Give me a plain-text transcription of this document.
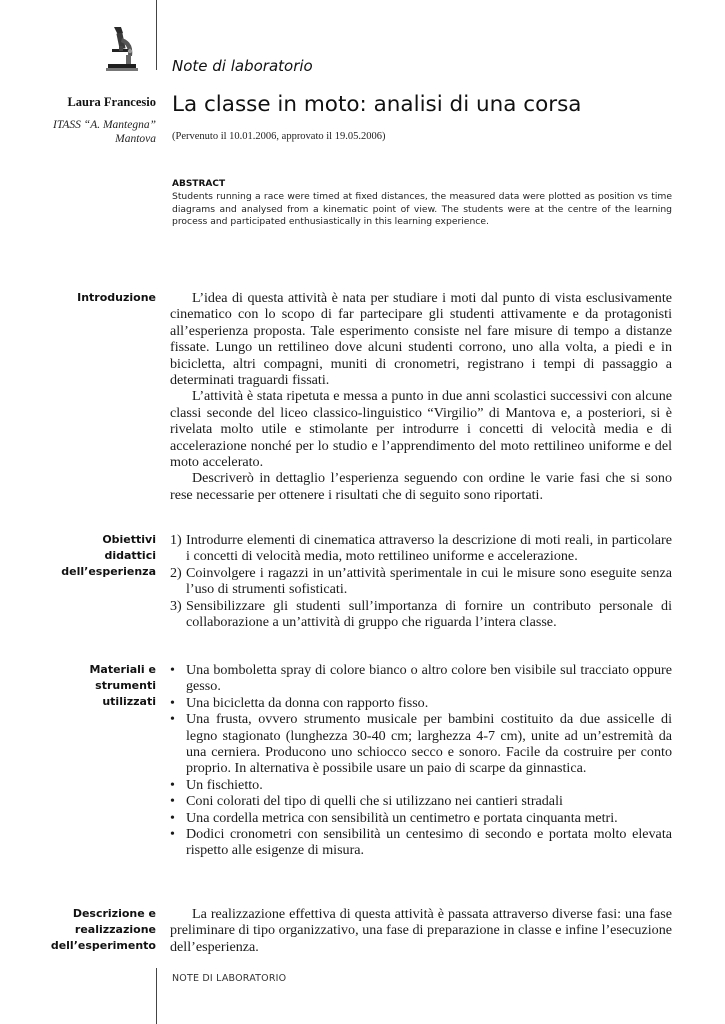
Note di laboratorio
Laura Francesio
ITASS “A. Mantegna”
Mantova
La classe in moto: analisi di una corsa
(Pervenuto il 10.01.2006, approvato il 19.05.2006)
ABSTRACT
Students running a race were timed at fixed distances, the measured data were plotted as position vs time diagrams and analysed from a kinematic point of view. The students were at the centre of the learning process and participated enthusiastically in this learning experience.
Introduzione	L’idea di questa attività è nata per studiare i moti dal punto di vista esclusivamente cinematico con lo scopo di far partecipare gli studenti attivamente e da protagonisti all’esperienza proposta. Tale esperimento consiste nel fare misure di tempo a distanze fissate. Lungo un rettilineo dove alcuni studenti corrono, uno alla volta, a piedi e in bicicletta, altri compagni, muniti di cronometri, registrano i tempi di passaggio a determinati traguardi fissati.

L’attività è stata ripetuta e messa a punto in due anni scolastici successivi con alcune classi seconde del liceo classico-linguistico “Virgilio” di Mantova e, a posteriori, si è rivelata molto utile e stimolante per introdurre i concetti di velocità media e di accelerazione nonché per lo studio e l’apprendimento del moto rettilineo uniforme e del moto accelerato.

Descriverò in dettaglio l’esperienza seguendo con ordine le varie fasi che si sono rese necessarie per ottenere i risultati che di seguito sono riportati.

Obiettivi
didattici
dell’esperienza
1) Introdurre elementi di cinematica attraverso la descrizione di moti reali, in particolare i concetti di velocità media, moto rettilineo uniforme e accelerazione.
2) Coinvolgere i ragazzi in un’attività sperimentale in cui le misure sono eseguite senza l’uso di strumenti sofisticati.
3) Sensibilizzare gli studenti sull’importanza di fornire un contributo personale di collaborazione a un’attività di gruppo che riguarda l’intera classe.
Materiali e
strumenti
utilizzati
• Una bomboletta spray di colore bianco o altro colore ben visibile sul tracciato oppure gesso.
• Una bicicletta da donna con rapporto fisso.
• Una frusta, ovvero strumento musicale per bambini costituito da due assicelle di legno stagionato (lunghezza 30-40 cm; larghezza 4-7 cm), unite ad un’estremità da una cerniera. Producono uno schiocco secco e sonoro. Facile da costruire per conto proprio. In alternativa è possibile usare un paio di scarpe da ginnastica.
• Un fischietto.
• Coni colorati del tipo di quelli che si utilizzano nei cantieri stradali
• Una cordella metrica con sensibilità un centimetro e portata cinquanta metri.
• Dodici cronometri con sensibilità un centesimo di secondo e portata molto elevata rispetto alle esigenze di misura.
Descrizione e
realizzazione
dell’esperimento

La realizzazione effettiva di questa attività è passata attraverso diverse fasi: una fase preliminare di tipo organizzativo, una fase di preparazione in classe e infine l’esecuzione dell’esperienza.

NOTE DI LABORATORIO
